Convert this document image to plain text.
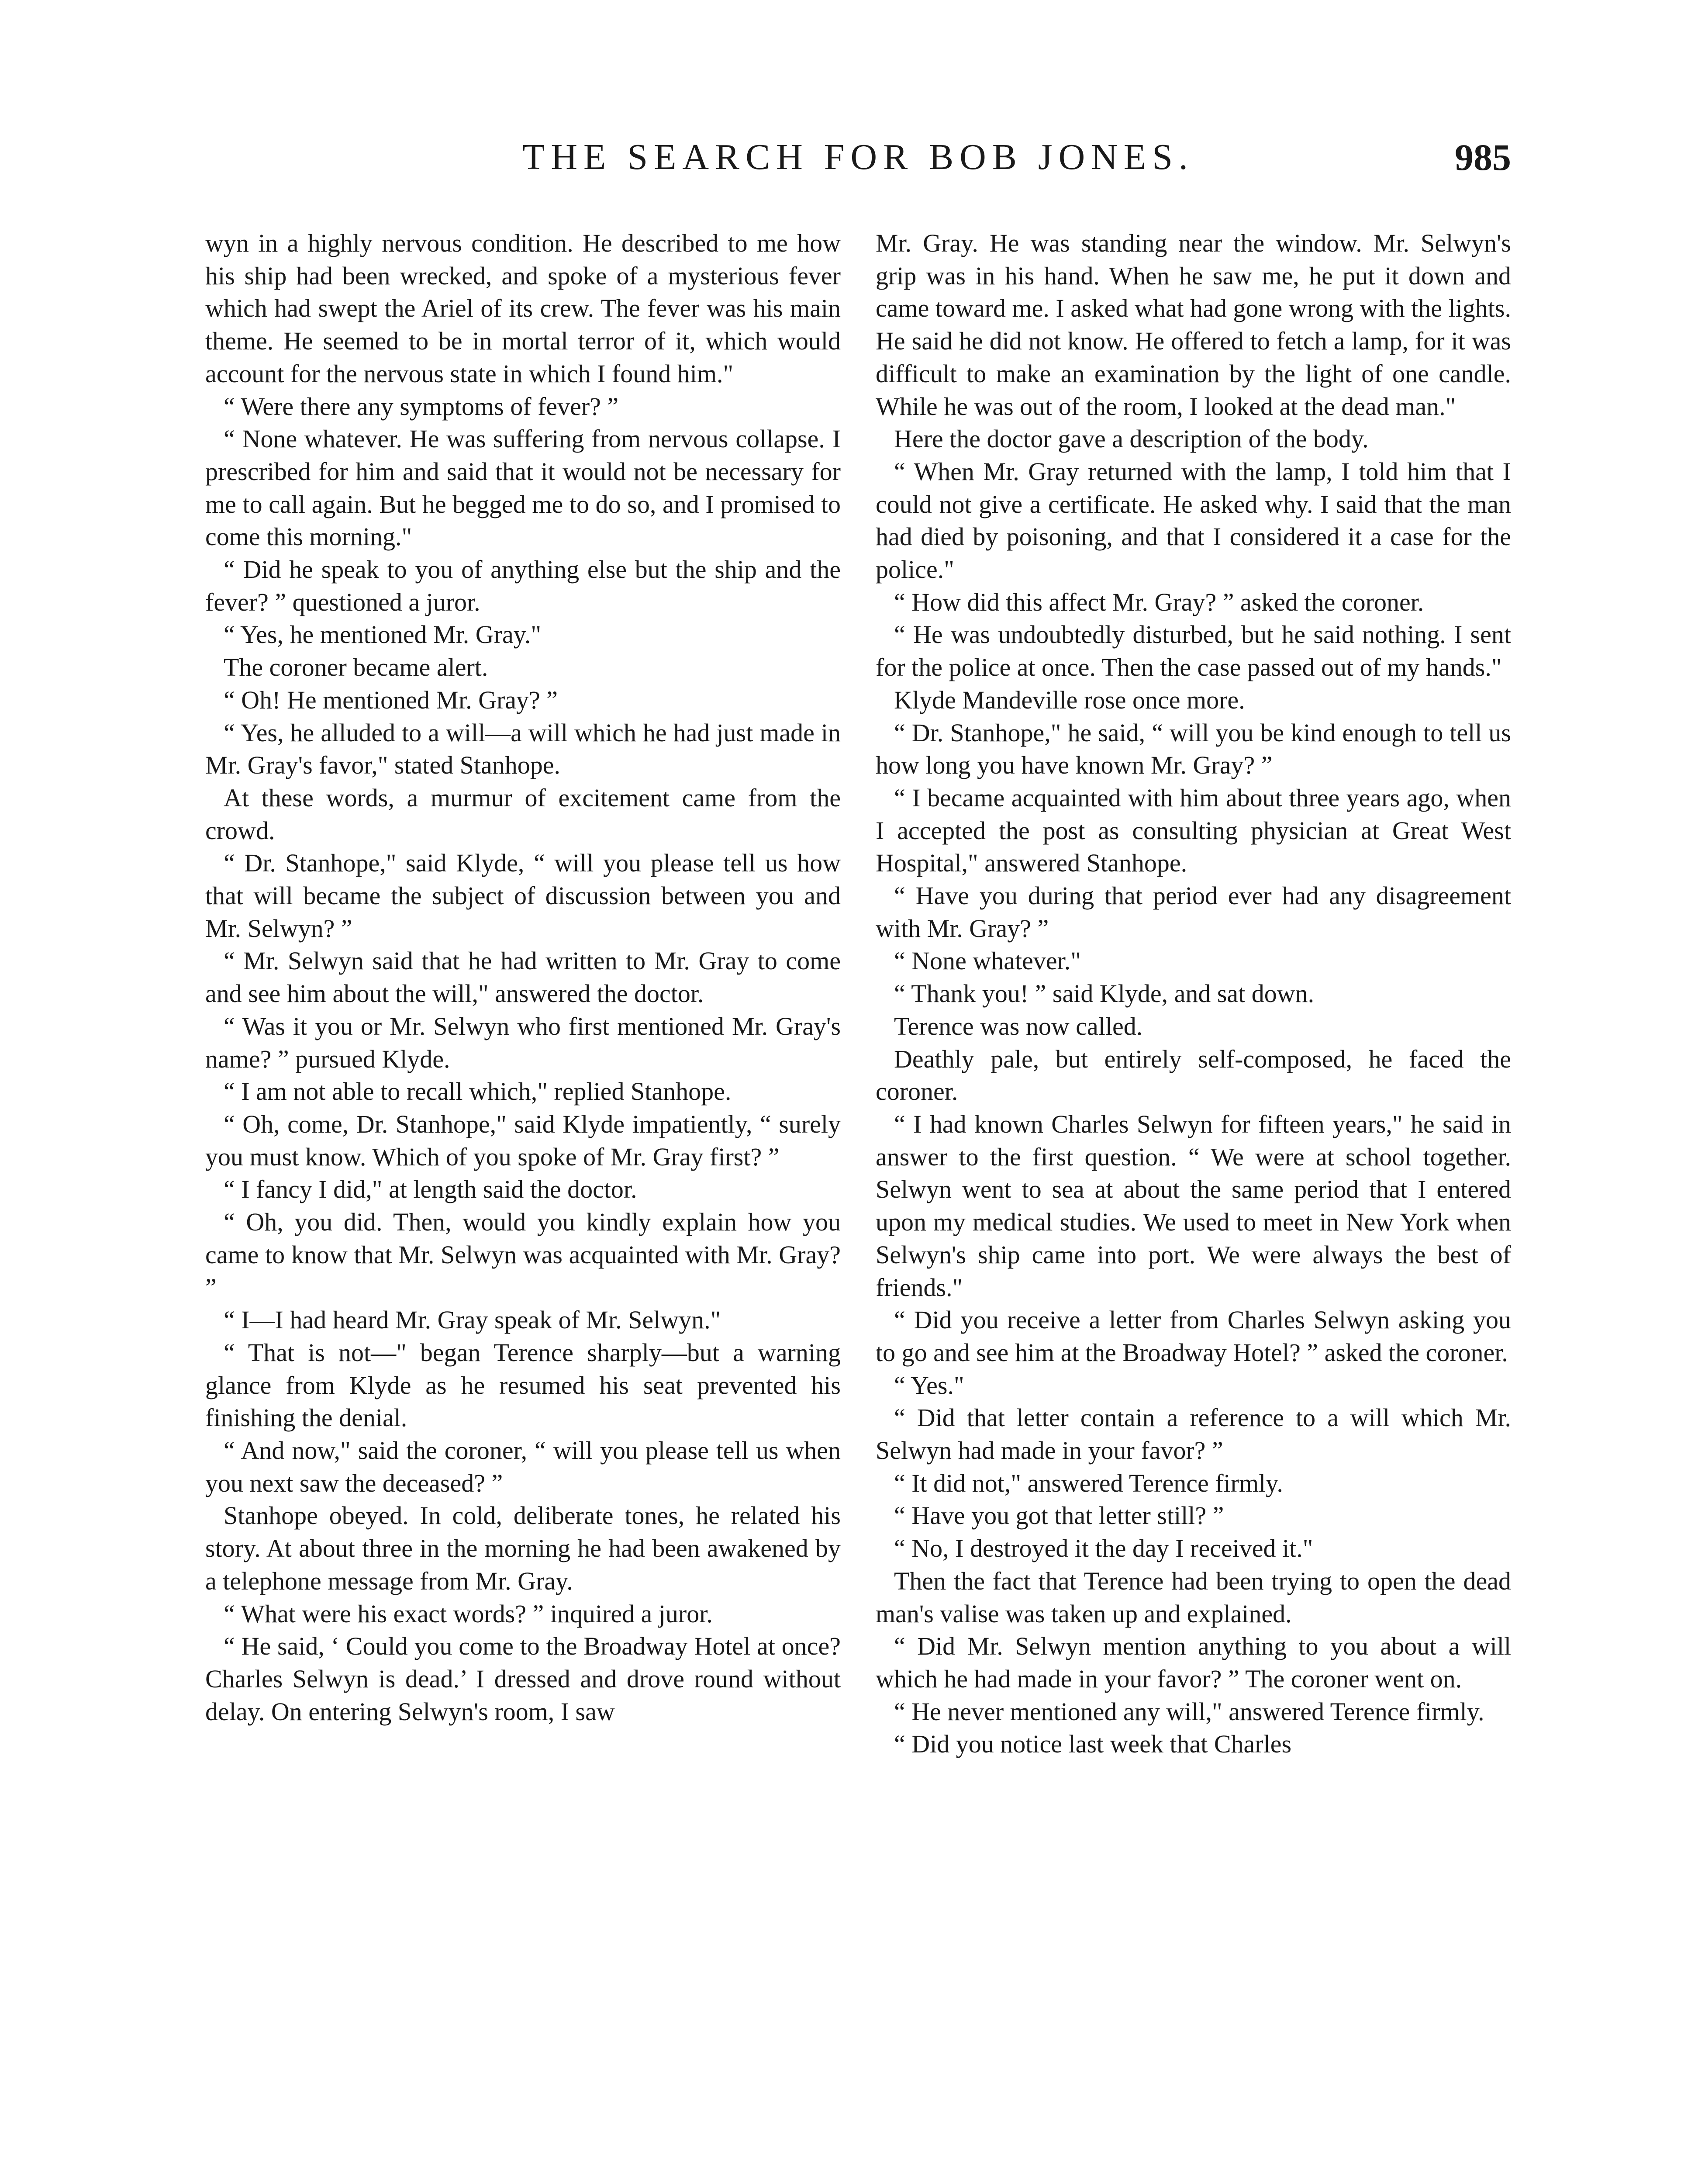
THE SEARCH FOR BOB JONES.	985

wyn in a highly nervous condition. He described to me how his ship had been wrecked, and spoke of a mysterious fever which had swept the Ariel of its crew. The fever was his main theme. He seemed to be in mortal terror of it, which would account for the nervous state in which I found him."

“ Were there any symptoms of fever? ”

“ None whatever. He was suffering from nervous collapse. I prescribed for him and said that it would not be necessary for me to call again. But he begged me to do so, and I promised to come this morning."

“ Did he speak to you of anything else but the ship and the fever? ” questioned a juror.

“ Yes, he mentioned Mr. Gray."

The coroner became alert.

“ Oh! He mentioned Mr. Gray? ”

“ Yes, he alluded to a will—a will which he had just made in Mr. Gray's favor," stated Stanhope.

At these words, a murmur of excitement came from the crowd.

“ Dr. Stanhope," said Klyde, “ will you please tell us how that will became the subject of discussion between you and Mr. Selwyn? ”

“ Mr. Selwyn said that he had written to Mr. Gray to come and see him about the will," answered the doctor.

“ Was it you or Mr. Selwyn who first mentioned Mr. Gray's name? ” pursued Klyde.

“ I am not able to recall which," replied Stanhope.

“ Oh, come, Dr. Stanhope," said Klyde impatiently, “ surely you must know. Which of you spoke of Mr. Gray first? ”

“ I fancy I did," at length said the doctor.

“ Oh, you did. Then, would you kindly explain how you came to know that Mr. Selwyn was acquainted with Mr. Gray? ”

“ I—I had heard Mr. Gray speak of Mr. Selwyn."

“ That is not—" began Terence sharply—but a warning glance from Klyde as he resumed his seat prevented his finishing the denial.

“ And now," said the coroner, “ will you please tell us when you next saw the deceased? ”

Stanhope obeyed. In cold, deliberate tones, he related his story. At about three in the morning he had been awakened by a telephone message from Mr. Gray.

“ What were his exact words? ” inquired a juror.

“ He said, ‘ Could you come to the Broadway Hotel at once? Charles Selwyn is dead.’ I dressed and drove round without delay. On entering Selwyn's room, I saw

Mr. Gray. He was standing near the window. Mr. Selwyn's grip was in his hand. When he saw me, he put it down and came toward me. I asked what had gone wrong with the lights. He said he did not know. He offered to fetch a lamp, for it was difficult to make an examination by the light of one candle. While he was out of the room, I looked at the dead man."

Here the doctor gave a description of the body.

“ When Mr. Gray returned with the lamp, I told him that I could not give a certificate. He asked why. I said that the man had died by poisoning, and that I considered it a case for the police."

“ How did this affect Mr. Gray? ” asked the coroner.

“ He was undoubtedly disturbed, but he said nothing. I sent for the police at once. Then the case passed out of my hands."

Klyde Mandeville rose once more.

“ Dr. Stanhope," he said, “ will you be kind enough to tell us how long you have known Mr. Gray? ”

“ I became acquainted with him about three years ago, when I accepted the post as consulting physician at Great West Hospital," answered Stanhope.

“ Have you during that period ever had any disagreement with Mr. Gray? ”

“ None whatever."

“ Thank you! ” said Klyde, and sat down.

Terence was now called.

Deathly pale, but entirely self-composed, he faced the coroner.

“ I had known Charles Selwyn for fifteen years," he said in answer to the first question. “ We were at school together. Selwyn went to sea at about the same period that I entered upon my medical studies. We used to meet in New York when Selwyn's ship came into port. We were always the best of friends."

“ Did you receive a letter from Charles Selwyn asking you to go and see him at the Broadway Hotel? ” asked the coroner.

“ Yes."

“ Did that letter contain a reference to a will which Mr. Selwyn had made in your favor? ”

“ It did not," answered Terence firmly.

“ Have you got that letter still? ”

“ No, I destroyed it the day I received it."

Then the fact that Terence had been trying to open the dead man's valise was taken up and explained.

“ Did Mr. Selwyn mention anything to you about a will which he had made in your favor? ” The coroner went on.

“ He never mentioned any will," answered Terence firmly.

“ Did you notice last week that Charles
